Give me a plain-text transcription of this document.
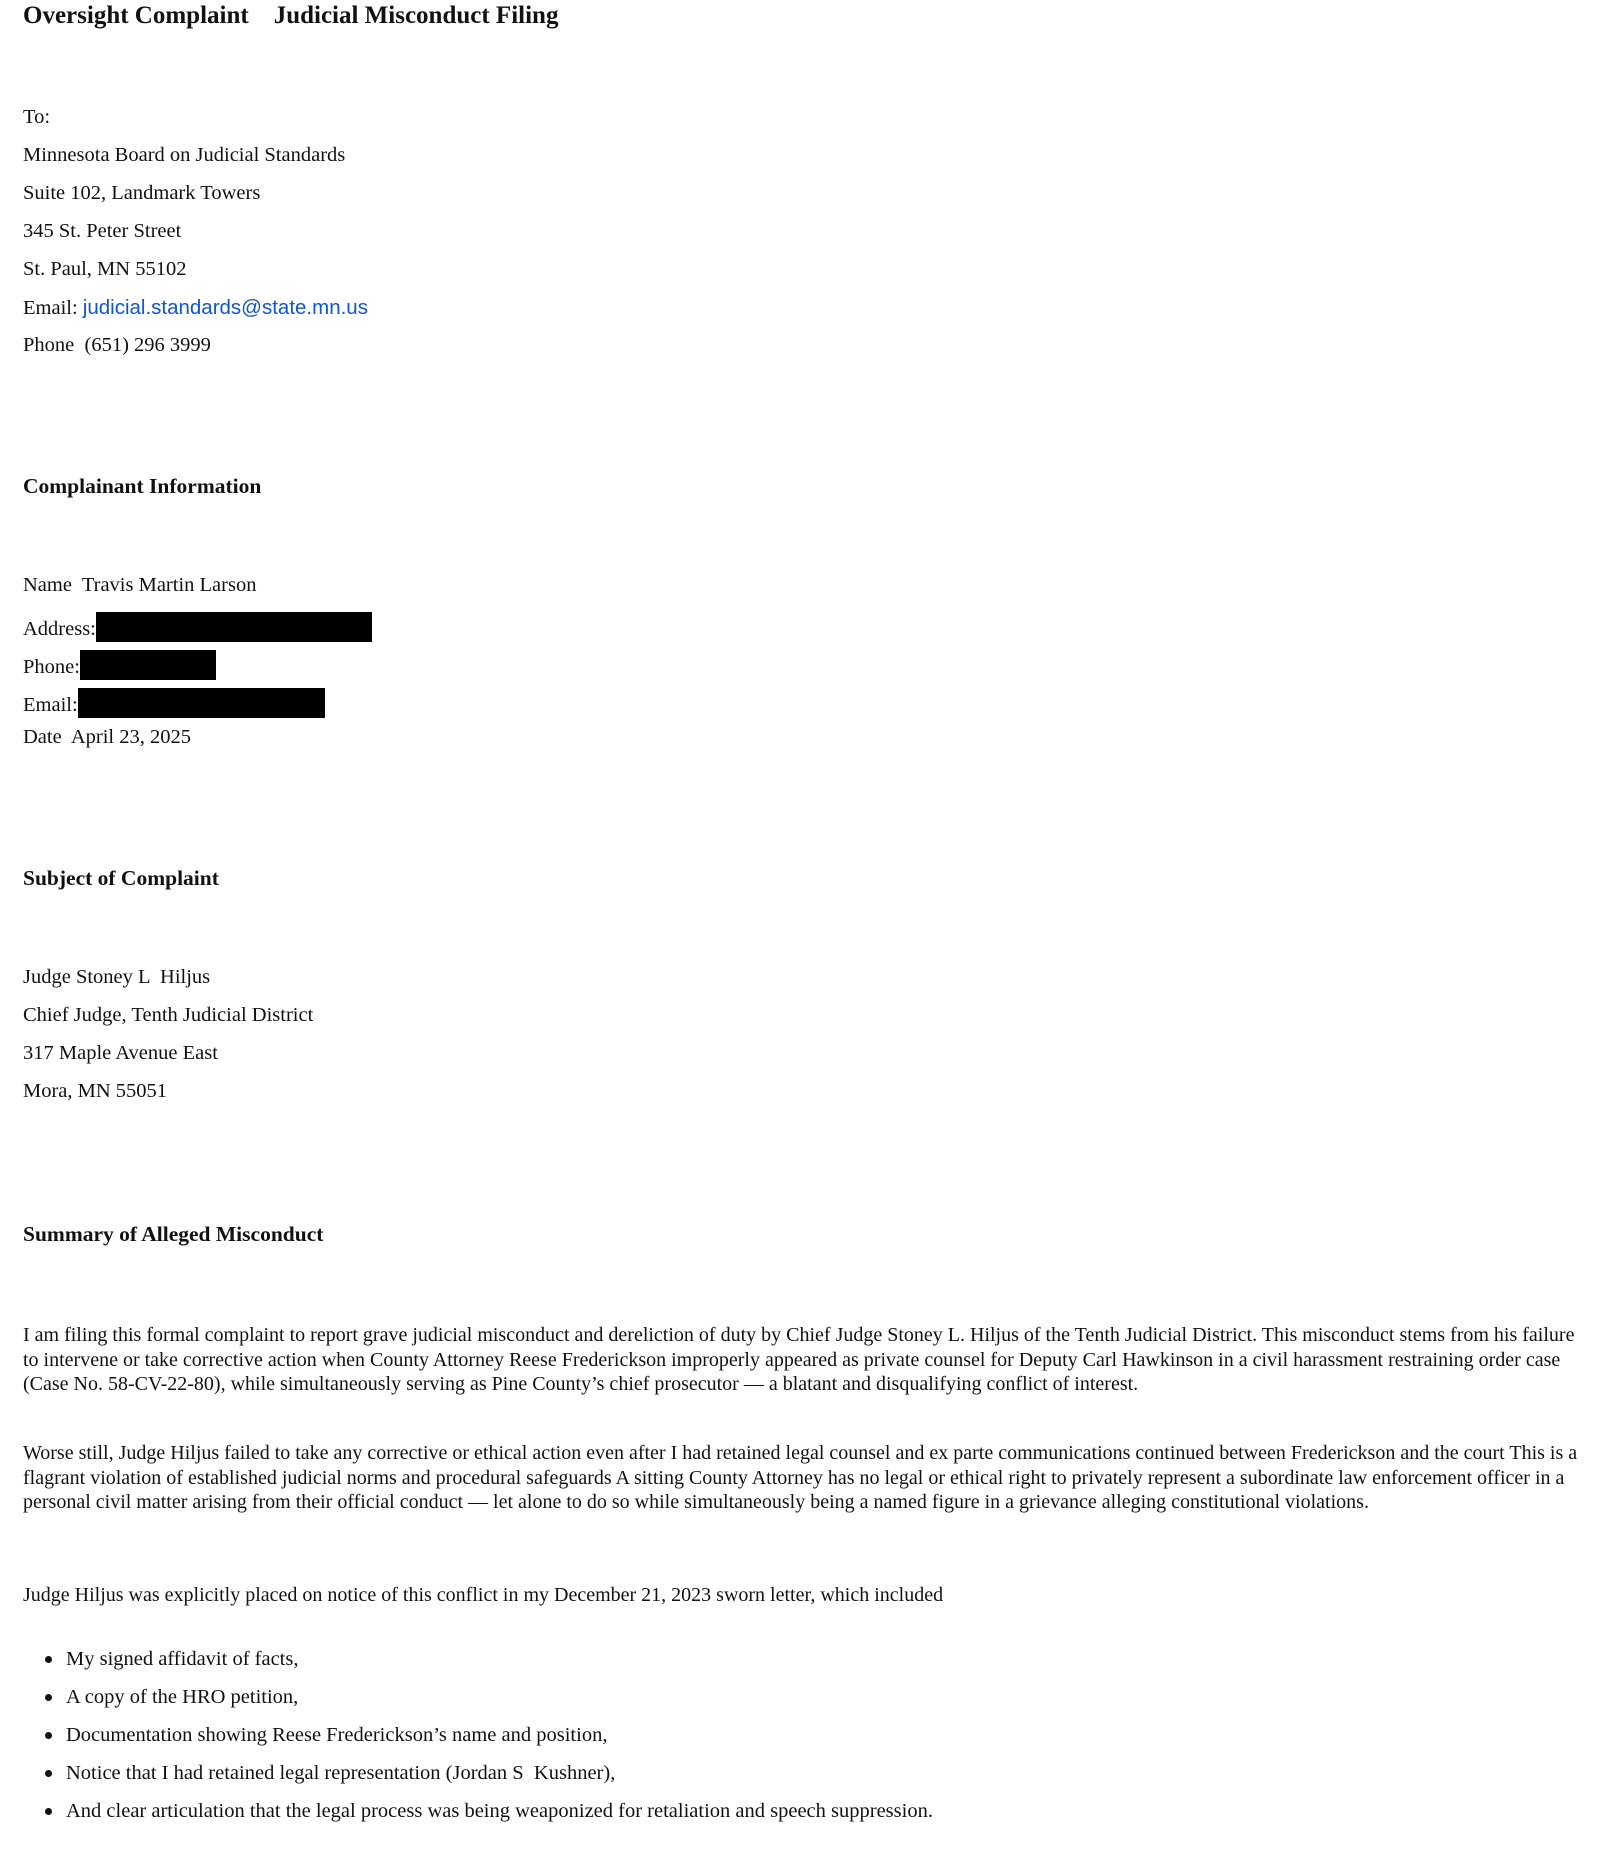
Oversight Complaint    Judicial Misconduct Filing

To:

Minnesota Board on Judicial Standards

Suite 102, Landmark Towers

345 St. Peter Street

St. Paul, MN 55102

Email: judicial.standards@state.mn.us

Phone  (651) 296 3999

Complainant Information

Name  Travis Martin Larson

Address:

Phone:

Email:

Date  April 23, 2025

Subject of Complaint

Judge Stoney L  Hiljus

Chief Judge, Tenth Judicial District

317 Maple Avenue East

Mora, MN 55051

Summary of Alleged Misconduct

I am filing this formal complaint to report grave judicial misconduct and dereliction of duty by Chief Judge Stoney L. Hiljus of the Tenth Judicial District. This misconduct stems from his failure to intervene or take corrective action when County Attorney Reese Frederickson improperly appeared as private counsel for Deputy Carl Hawkinson in a civil harassment restraining order case (Case No. 58-CV-22-80), while simultaneously serving as Pine County’s chief prosecutor — a blatant and disqualifying conflict of interest.

Worse still, Judge Hiljus failed to take any corrective or ethical action even after I had retained legal counsel and ex parte communications continued between Frederickson and the court This is a flagrant violation of established judicial norms and procedural safeguards A sitting County Attorney has no legal or ethical right to privately represent a subordinate law enforcement officer in a personal civil matter arising from their official conduct — let alone to do so while simultaneously being a named figure in a grievance alleging constitutional violations.

Judge Hiljus was explicitly placed on notice of this conflict in my December 21, 2023 sworn letter, which included

My signed affidavit of facts,
A copy of the HRO petition,
Documentation showing Reese Frederickson’s name and position,
Notice that I had retained legal representation (Jordan S  Kushner),
And clear articulation that the legal process was being weaponized for retaliation and speech suppression.
